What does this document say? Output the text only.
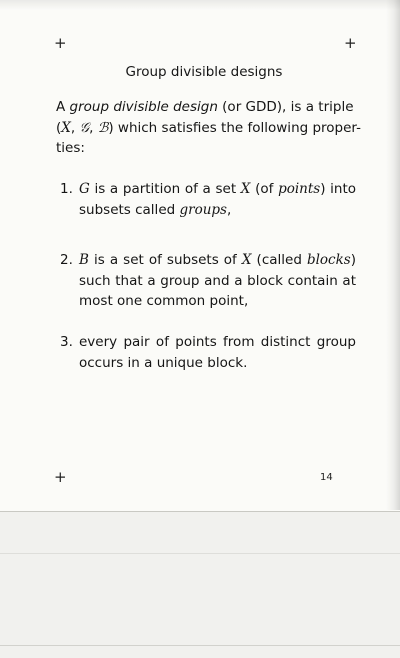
+	+
Group divisible designs
A group divisible design (or GDD), is a triple
(X, 𝒢, ℬ) which satisfies the following proper-
ties:
1. G is a partition of a set X (of points) into
subsets called groups,
2. B is a set of subsets of X (called blocks)
such that a group and a block contain at
most one common point,
3. every pair of points from distinct group
occurs in a unique block.
+	14
